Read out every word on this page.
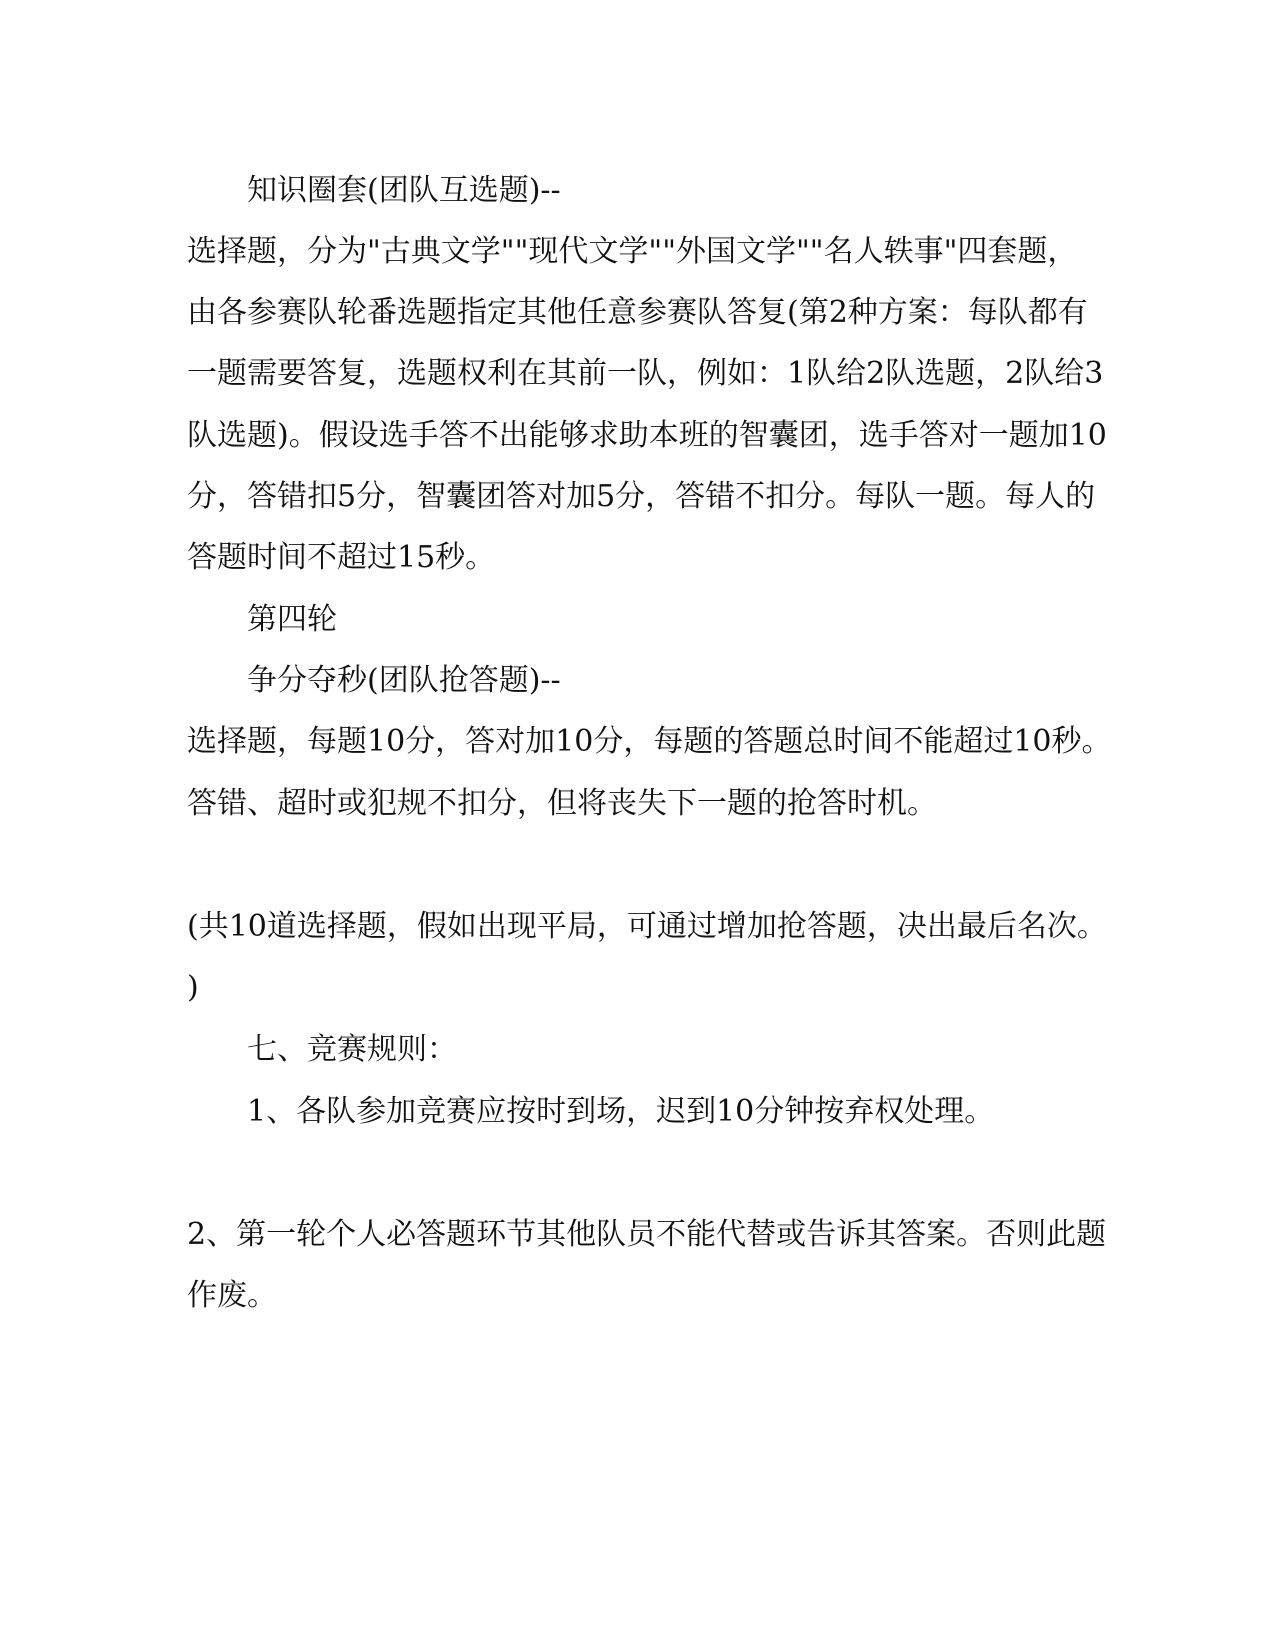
知识圈套(团队互选题)--
选择题，分为"古典文学""现代文学""外国文学""名人轶事"四套题，
由各参赛队轮番选题指定其他任意参赛队答复(第2种方案：每队都有
一题需要答复，选题权利在其前一队，例如：1队给2队选题，2队给3
队选题)。假设选手答不出能够求助本班的智囊团，选手答对一题加10
分，答错扣5分，智囊团答对加5分，答错不扣分。每队一题。每人的
答题时间不超过15秒。
第四轮
争分夺秒(团队抢答题)--
选择题，每题10分，答对加10分，每题的答题总时间不能超过10秒。
答错、超时或犯规不扣分，但将丧失下一题的抢答时机。
(共10道选择题，假如出现平局，可通过增加抢答题，决出最后名次。
)
七、竞赛规则：
1、各队参加竞赛应按时到场，迟到10分钟按弃权处理。
2、第一轮个人必答题环节其他队员不能代替或告诉其答案。否则此题
作废。
